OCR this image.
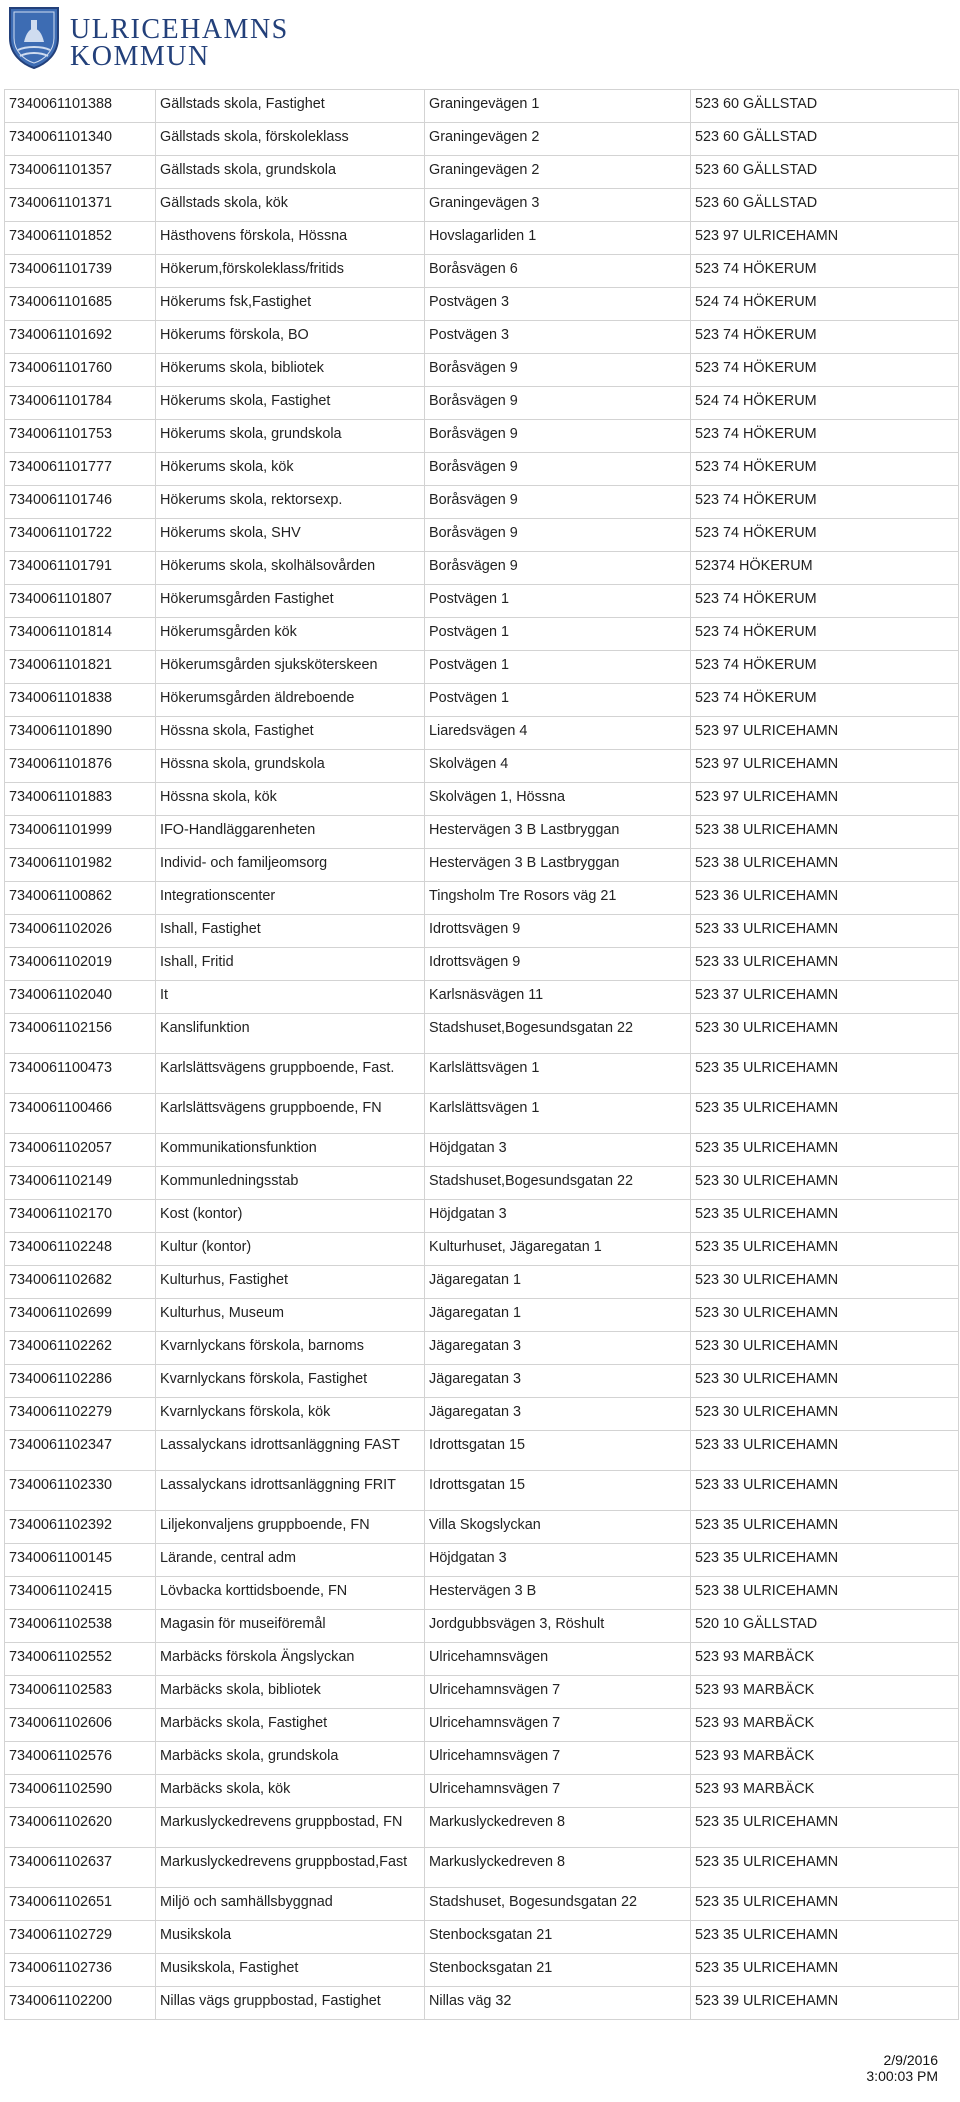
ULRICEHAMNS
KOMMUN
7340061101388	Gällstads skola, Fastighet	Graningevägen 1	523 60 GÄLLSTAD

7340061101340	Gällstads skola, förskoleklass	Graningevägen 2	523 60 GÄLLSTAD

7340061101357	Gällstads skola, grundskola	Graningevägen 2	523 60 GÄLLSTAD

7340061101371	Gällstads skola, kök	Graningevägen 3	523 60 GÄLLSTAD

7340061101852	Hästhovens förskola, Hössna	Hovslagarliden 1	523 97 ULRICEHAMN

7340061101739	Hökerum,förskoleklass/fritids	Boråsvägen 6	523 74 HÖKERUM

7340061101685	Hökerums fsk,Fastighet	Postvägen 3	524 74 HÖKERUM

7340061101692	Hökerums förskola, BO	Postvägen 3	523 74 HÖKERUM

7340061101760	Hökerums skola, bibliotek	Boråsvägen 9	523 74 HÖKERUM

7340061101784	Hökerums skola, Fastighet	Boråsvägen 9	524 74 HÖKERUM

7340061101753	Hökerums skola, grundskola	Boråsvägen 9	523 74 HÖKERUM

7340061101777	Hökerums skola, kök	Boråsvägen 9	523 74 HÖKERUM

7340061101746	Hökerums skola, rektorsexp.	Boråsvägen 9	523 74 HÖKERUM

7340061101722	Hökerums skola, SHV	Boråsvägen 9	523 74 HÖKERUM

7340061101791	Hökerums skola, skolhälsovården	Boråsvägen 9	52374 HÖKERUM

7340061101807	Hökerumsgården Fastighet	Postvägen 1	523 74 HÖKERUM

7340061101814	Hökerumsgården kök	Postvägen 1	523 74 HÖKERUM

7340061101821	Hökerumsgården sjuksköterskeen	Postvägen 1	523 74 HÖKERUM

7340061101838	Hökerumsgården äldreboende	Postvägen 1	523 74 HÖKERUM

7340061101890	Hössna skola, Fastighet	Liaredsvägen 4	523 97 ULRICEHAMN

7340061101876	Hössna skola, grundskola	Skolvägen 4	523 97 ULRICEHAMN

7340061101883	Hössna skola, kök	Skolvägen 1, Hössna	523 97 ULRICEHAMN

7340061101999	IFO-Handläggarenheten	Hestervägen 3 B Lastbryggan	523 38 ULRICEHAMN

7340061101982	Individ- och familjeomsorg	Hestervägen 3 B Lastbryggan	523 38 ULRICEHAMN

7340061100862	Integrationscenter	Tingsholm Tre Rosors väg 21	523 36 ULRICEHAMN

7340061102026	Ishall, Fastighet	Idrottsvägen 9	523 33 ULRICEHAMN

7340061102019	Ishall, Fritid	Idrottsvägen 9	523 33 ULRICEHAMN

7340061102040	It	Karlsnäsvägen 11	523 37 ULRICEHAMN

7340061102156	Kanslifunktion	Stadshuset,Bogesundsgatan 22	523 30 ULRICEHAMN

7340061100473	Karlslättsvägens gruppboende, Fast.	Karlslättsvägen 1	523 35 ULRICEHAMN

7340061100466	Karlslättsvägens gruppboende, FN	Karlslättsvägen 1	523 35 ULRICEHAMN

7340061102057	Kommunikationsfunktion	Höjdgatan 3	523 35 ULRICEHAMN

7340061102149	Kommunledningsstab	Stadshuset,Bogesundsgatan 22	523 30 ULRICEHAMN

7340061102170	Kost (kontor)	Höjdgatan 3	523 35 ULRICEHAMN

7340061102248	Kultur (kontor)	Kulturhuset, Jägaregatan 1	523 35 ULRICEHAMN

7340061102682	Kulturhus, Fastighet	Jägaregatan 1	523 30 ULRICEHAMN

7340061102699	Kulturhus, Museum	Jägaregatan 1	523 30 ULRICEHAMN

7340061102262	Kvarnlyckans förskola, barnoms	Jägaregatan 3	523 30 ULRICEHAMN

7340061102286	Kvarnlyckans förskola, Fastighet	Jägaregatan 3	523 30 ULRICEHAMN

7340061102279	Kvarnlyckans förskola, kök	Jägaregatan 3	523 30 ULRICEHAMN

7340061102347	Lassalyckans idrottsanläggning FAST	Idrottsgatan 15	523 33 ULRICEHAMN

7340061102330	Lassalyckans idrottsanläggning FRIT	Idrottsgatan 15	523 33 ULRICEHAMN

7340061102392	Liljekonvaljens gruppboende, FN	Villa Skogslyckan	523 35 ULRICEHAMN

7340061100145	Lärande, central adm	Höjdgatan 3	523 35 ULRICEHAMN

7340061102415	Lövbacka korttidsboende, FN	Hestervägen 3 B	523 38 ULRICEHAMN

7340061102538	Magasin för museiföremål	Jordgubbsvägen 3, Röshult	520 10 GÄLLSTAD

7340061102552	Marbäcks förskola Ängslyckan	Ulricehamnsvägen	523 93 MARBÄCK

7340061102583	Marbäcks skola, bibliotek	Ulricehamnsvägen 7	523 93 MARBÄCK

7340061102606	Marbäcks skola, Fastighet	Ulricehamnsvägen 7	523 93 MARBÄCK

7340061102576	Marbäcks skola, grundskola	Ulricehamnsvägen 7	523 93 MARBÄCK

7340061102590	Marbäcks skola, kök	Ulricehamnsvägen 7	523 93 MARBÄCK

7340061102620	Markuslyckedrevens gruppbostad, FN	Markuslyckedreven 8	523 35 ULRICEHAMN

7340061102637	Markuslyckedrevens gruppbostad,Fast	Markuslyckedreven 8	523 35 ULRICEHAMN

7340061102651	Miljö och samhällsbyggnad	Stadshuset, Bogesundsgatan 22	523 35 ULRICEHAMN

7340061102729	Musikskola	Stenbocksgatan 21	523 35 ULRICEHAMN

7340061102736	Musikskola, Fastighet	Stenbocksgatan 21	523 35 ULRICEHAMN

7340061102200	Nillas vägs gruppbostad, Fastighet	Nillas väg 32	523 39 ULRICEHAMN
2/9/2016
3:00:03 PM
